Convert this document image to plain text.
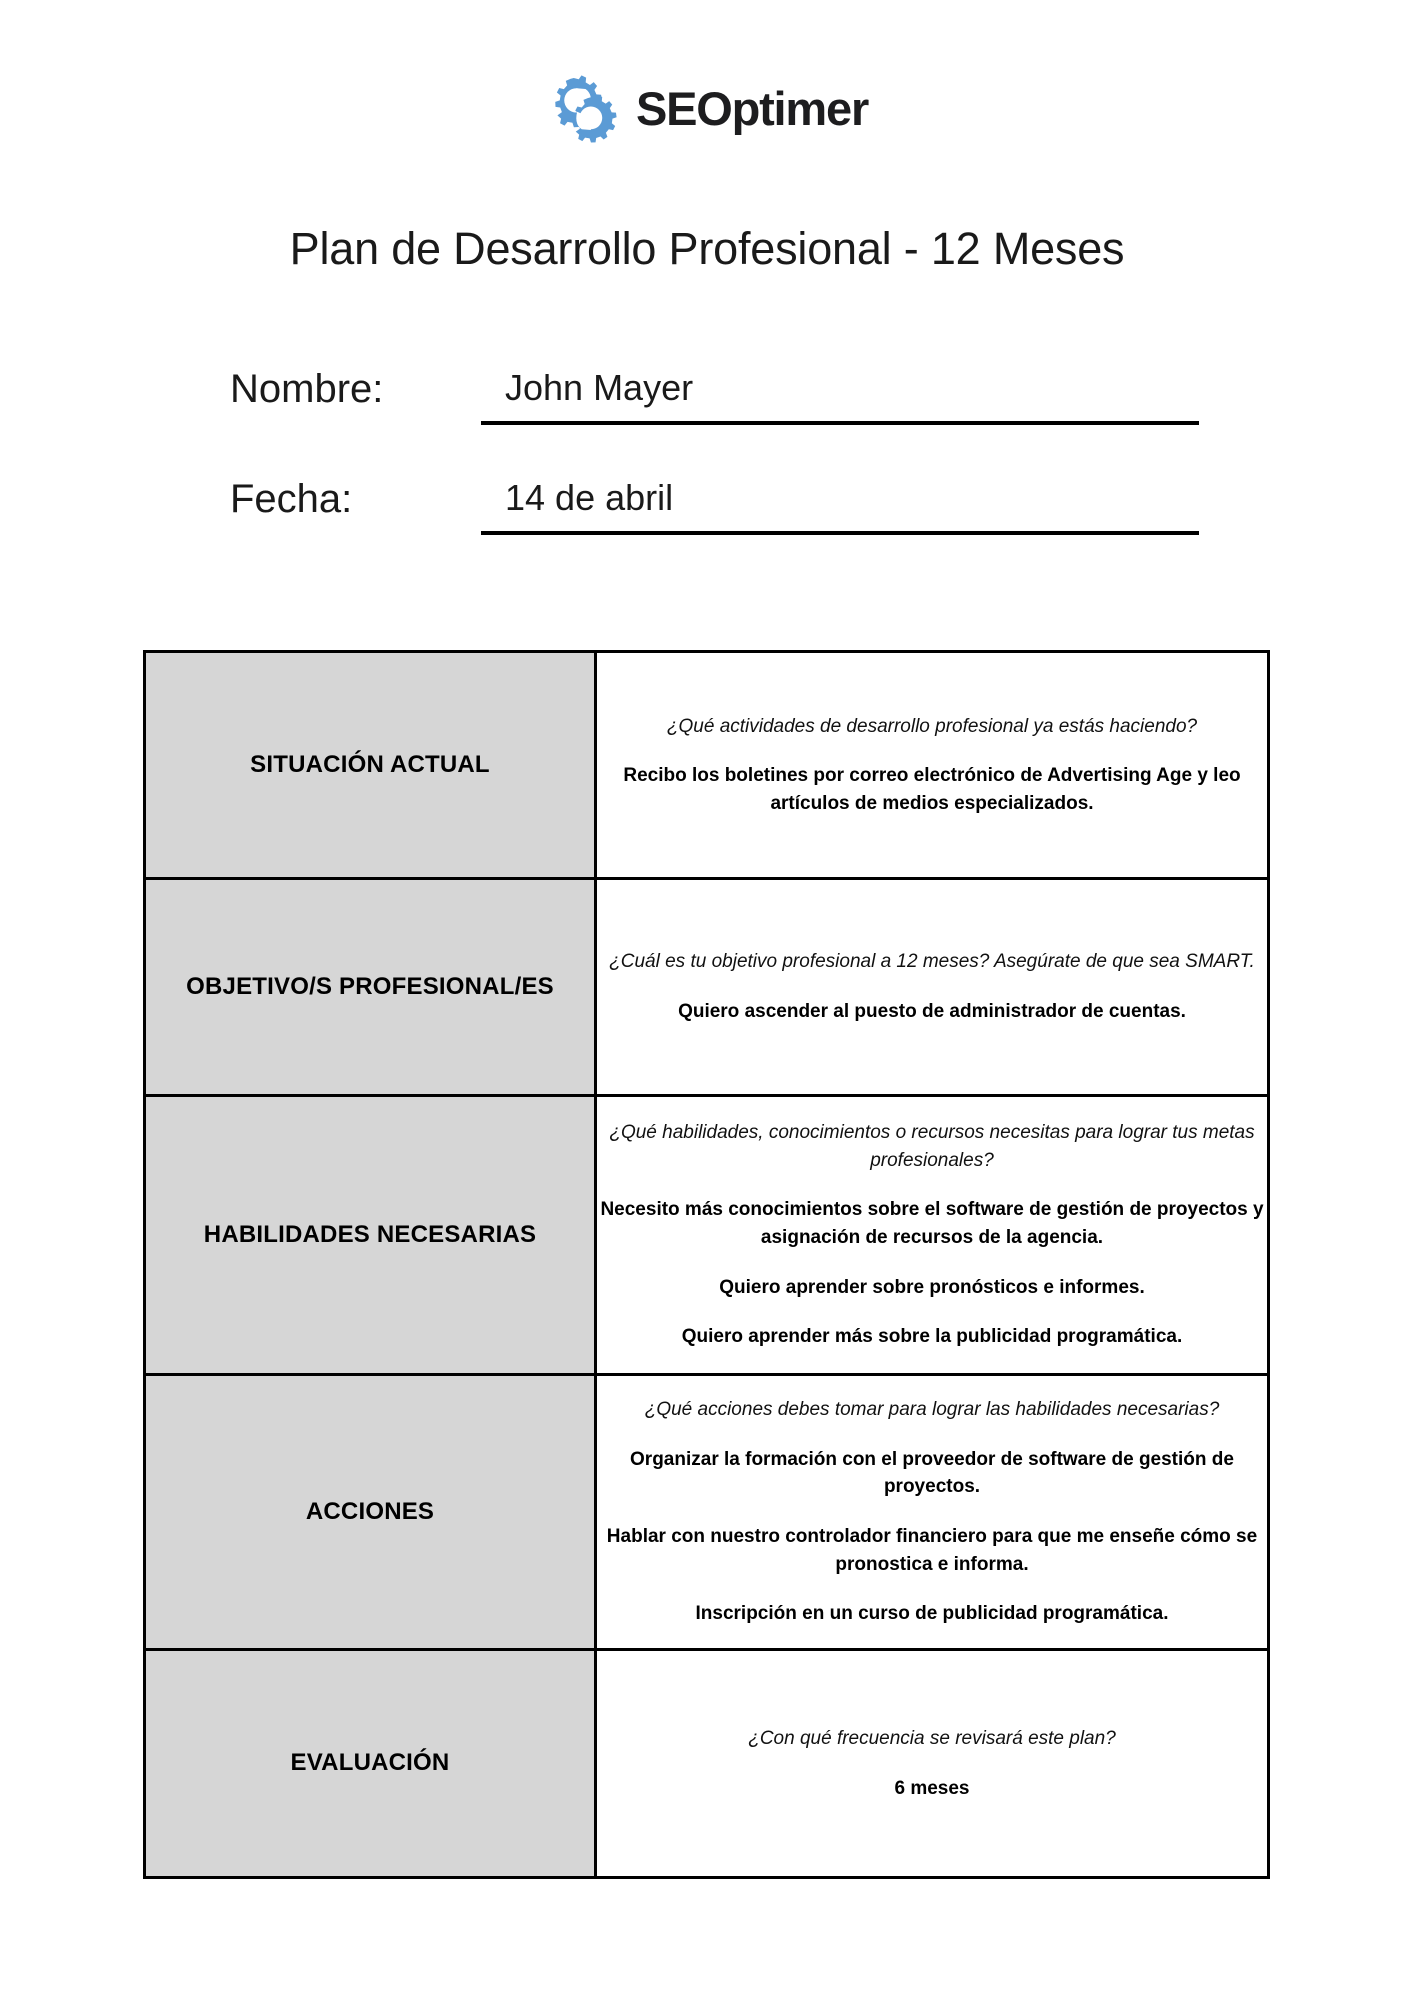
SEOptimer
Plan de Desarrollo Profesional - 12 Meses
Nombre:	John Mayer
Fecha:	14 de abril
SITUACIÓN ACTUAL	¿Qué actividades de desarrollo profesional ya estás haciendo?

Recibo los boletines por correo electrónico de Advertising Age y leo artículos de medios especializados.

OBJETIVO/S PROFESIONAL/ES	¿Cuál es tu objetivo profesional a 12 meses? Asegúrate de que sea SMART.

Quiero ascender al puesto de administrador de cuentas.

HABILIDADES NECESARIAS	¿Qué habilidades, conocimientos o recursos necesitas para lograr tus metas profesionales?

Necesito más conocimientos sobre el software de gestión de proyectos y asignación de recursos de la agencia.

Quiero aprender sobre pronósticos e informes.

Quiero aprender más sobre la publicidad programática.

ACCIONES	¿Qué acciones debes tomar para lograr las habilidades necesarias?

Organizar la formación con el proveedor de software de gestión de proyectos.

Hablar con nuestro controlador financiero para que me enseñe cómo se pronostica e informa.

Inscripción en un curso de publicidad programática.

EVALUACIÓN	¿Con qué frecuencia se revisará este plan?

6 meses
